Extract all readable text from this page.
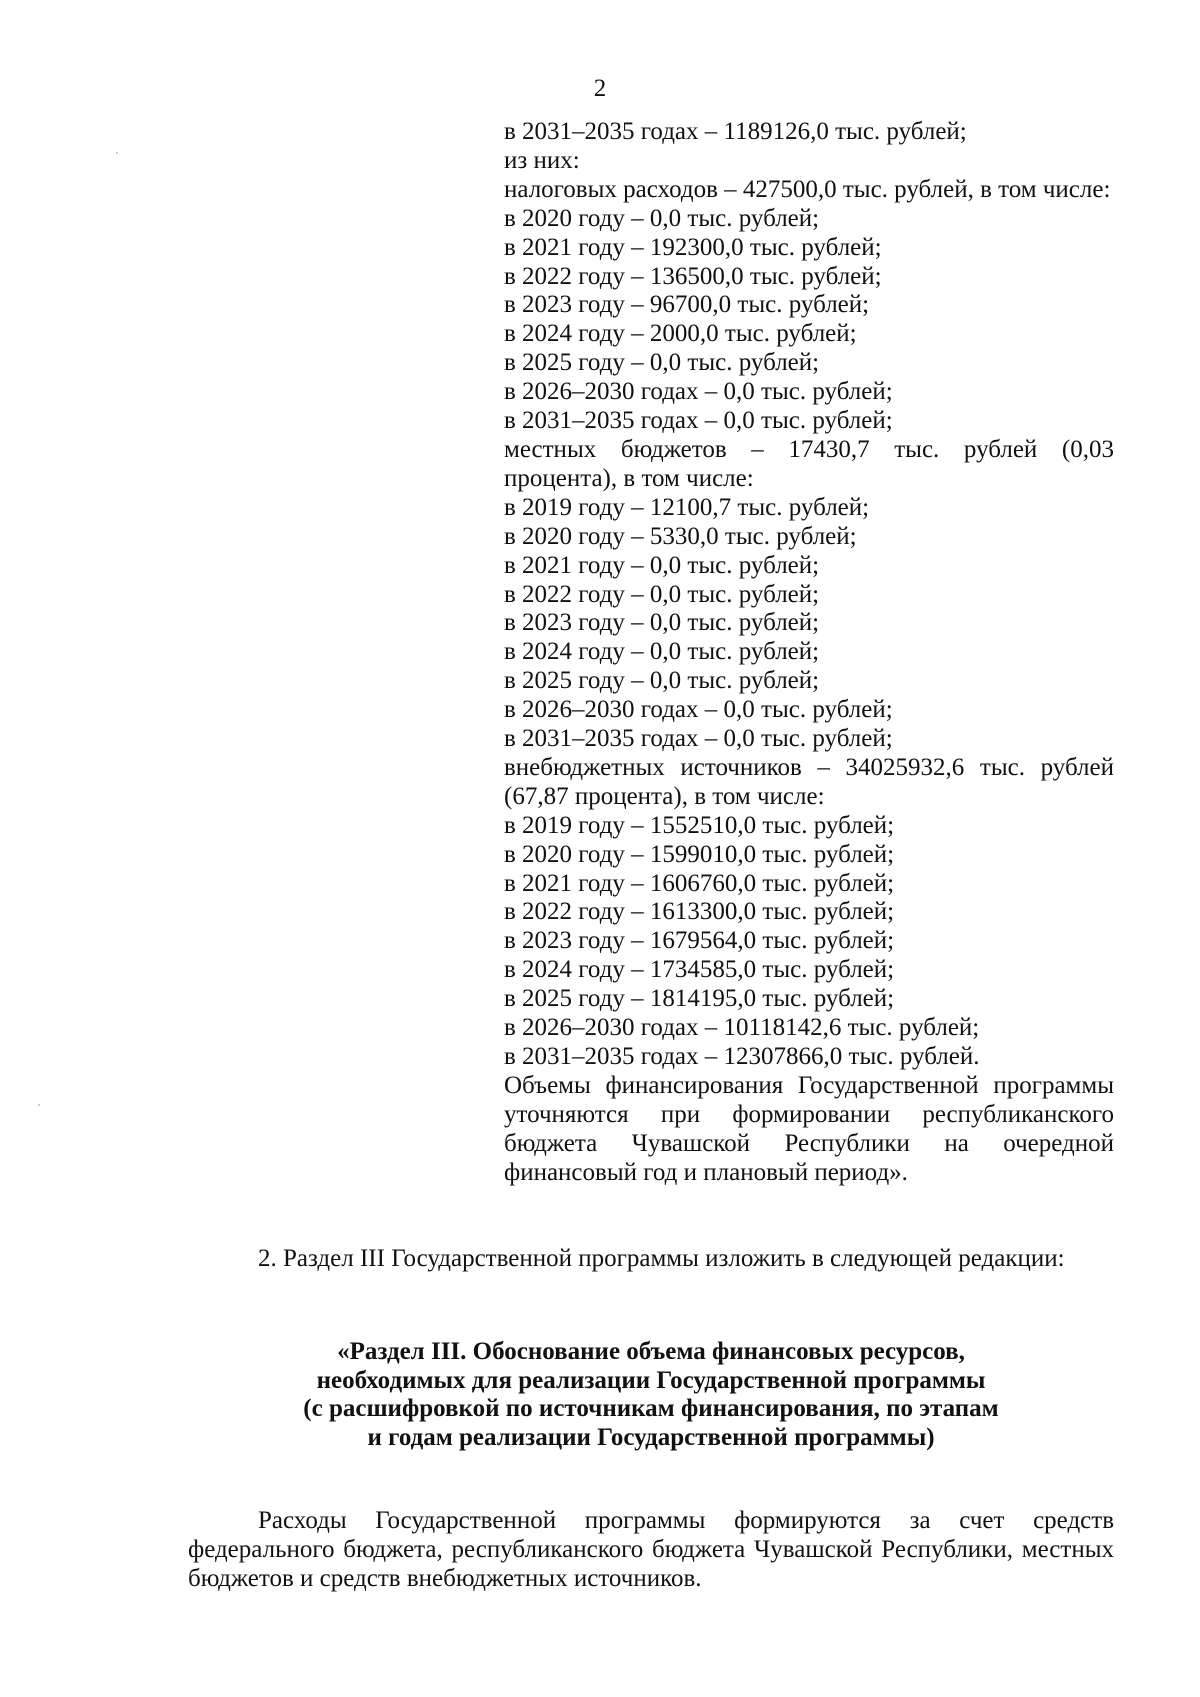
2
в 2031–2035 годах – 1189126,0 тыс. рублей;
из них:
налоговых расходов – 427500,0 тыс. рублей, в том числе:
в 2020 году – 0,0 тыс. рублей;
в 2021 году – 192300,0 тыс. рублей;
в 2022 году – 136500,0 тыс. рублей;
в 2023 году – 96700,0 тыс. рублей;
в 2024 году – 2000,0 тыс. рублей;
в 2025 году – 0,0 тыс. рублей;
в 2026–2030 годах – 0,0 тыс. рублей;
в 2031–2035 годах – 0,0 тыс. рублей;
местных бюджетов – 17430,7 тыс. рублей (0,03 процента), в том числе:
в 2019 году – 12100,7 тыс. рублей;
в 2020 году – 5330,0 тыс. рублей;
в 2021 году – 0,0 тыс. рублей;
в 2022 году – 0,0 тыс. рублей;
в 2023 году – 0,0 тыс. рублей;
в 2024 году – 0,0 тыс. рублей;
в 2025 году – 0,0 тыс. рублей;
в 2026–2030 годах – 0,0 тыс. рублей;
в 2031–2035 годах – 0,0 тыс. рублей;
внебюджетных источников – 34025932,6 тыс. рублей (67,87 процента), в том числе:
в 2019 году – 1552510,0 тыс. рублей;
в 2020 году – 1599010,0 тыс. рублей;
в 2021 году – 1606760,0 тыс. рублей;
в 2022 году – 1613300,0 тыс. рублей;
в 2023 году – 1679564,0 тыс. рублей;
в 2024 году – 1734585,0 тыс. рублей;
в 2025 году – 1814195,0 тыс. рублей;
в 2026–2030 годах – 10118142,6 тыс. рублей;
в 2031–2035 годах – 12307866,0 тыс. рублей.
Объемы финансирования Государственной программы уточняются при формировании республиканского бюджета Чувашской Республики на очередной финансовый год и плановый период».
2. Раздел III Государственной программы изложить в следующей редакции:
«Раздел III. Обоснование объема финансовых ресурсов,
необходимых для реализации Государственной программы
(с расшифровкой по источникам финансирования, по этапам
и годам реализации Государственной программы)
Расходы Государственной программы формируются за счет средств федерального бюджета, республиканского бюджета Чувашской Республики, местных бюджетов и средств внебюджетных источников.
